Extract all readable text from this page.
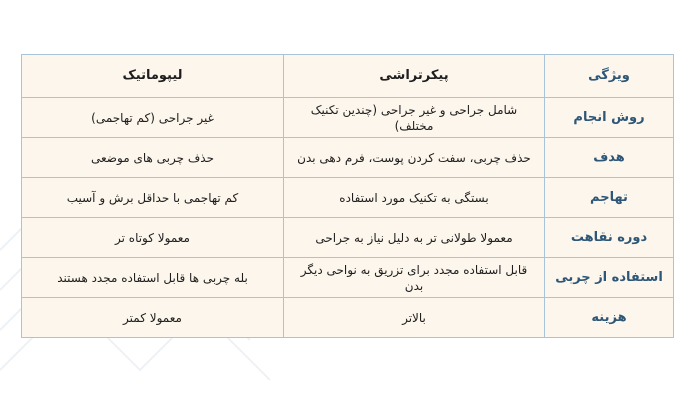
ویژگی	پیکرتراشی	لیپوماتیک
روش انجام	شامل جراحی و غیر جراحی (چندین تکنیک مختلف)	غیر جراحی (کم تهاجمی)
هدف	حذف چربی، سفت کردن پوست، فرم دهی بدن	حذف چربی های موضعی
تهاجم	بستگی به تکنیک مورد استفاده	کم تهاجمی با حداقل برش و آسیب
دوره نقاهت	معمولا طولانی تر به دلیل نیاز به جراحی	معمولا کوتاه تر
استفاده از چربی	قابل استفاده مجدد برای تزریق به نواحی دیگر بدن	بله چربی ها قابل استفاده مجدد هستند
هزینه	بالاتر	معمولا کمتر
